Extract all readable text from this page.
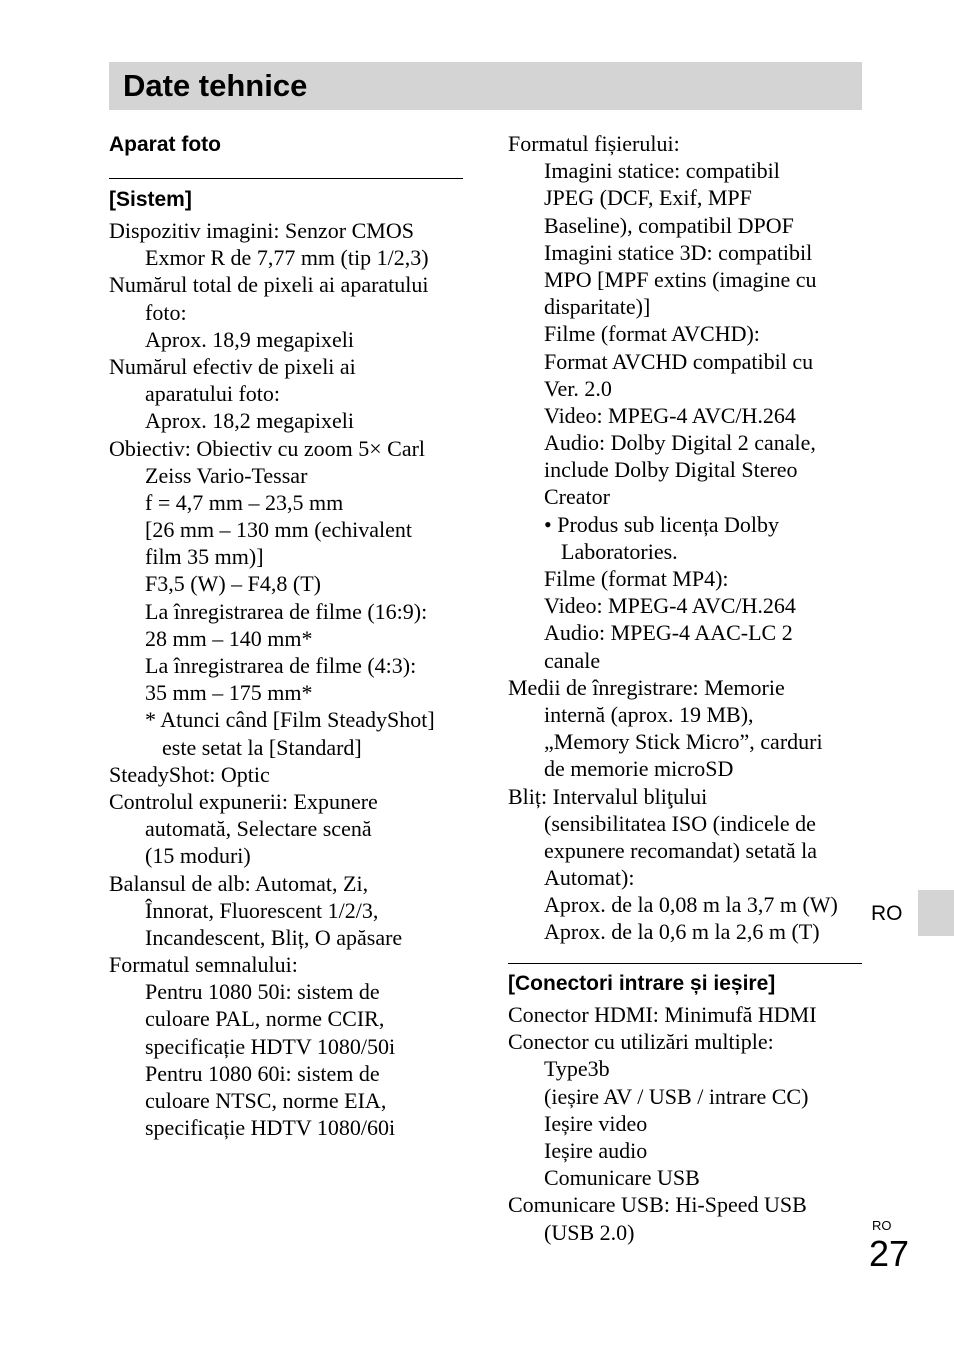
Date tehnice
Aparat foto
[Sistem]
Dispozitiv imagini: Senzor CMOS
Exmor R de 7,77 mm (tip 1/2,3)
Numărul total de pixeli ai aparatului
foto:
Aprox. 18,9 megapixeli
Numărul efectiv de pixeli ai
aparatului foto:
Aprox. 18,2 megapixeli
Obiectiv: Obiectiv cu zoom 5× Carl
Zeiss Vario-Tessar
f = 4,7 mm – 23,5 mm
[26 mm – 130 mm (echivalent
film 35 mm)]
F3,5 (W) – F4,8 (T)
La înregistrarea de filme (16:9):
28 mm – 140 mm*
La înregistrarea de filme (4:3):
35 mm – 175 mm*
* Atunci când [Film SteadyShot]
este setat la [Standard]
SteadyShot: Optic
Controlul expunerii: Expunere
automată, Selectare scenă
(15 moduri)
Balansul de alb: Automat, Zi,
Înnorat, Fluorescent 1/2/3,
Incandescent, Bliț, O apăsare
Formatul semnalului:
Pentru 1080 50i: sistem de
culoare PAL, norme CCIR,
specificație HDTV 1080/50i
Pentru 1080 60i: sistem de
culoare NTSC, norme EIA,
specificație HDTV 1080/60i
Formatul fișierului:
Imagini statice: compatibil
JPEG (DCF, Exif, MPF
Baseline), compatibil DPOF
Imagini statice 3D: compatibil
MPO [MPF extins (imagine cu
disparitate)]
Filme (format AVCHD):
Format AVCHD compatibil cu
Ver. 2.0
Video: MPEG-4 AVC/H.264
Audio: Dolby Digital 2 canale,
include Dolby Digital Stereo
Creator
• Produs sub licența Dolby
Laboratories.
Filme (format MP4):
Video: MPEG-4 AVC/H.264
Audio: MPEG-4 AAC-LC 2
canale
Medii de înregistrare: Memorie
internă (aprox. 19 MB),
„Memory Stick Micro”, carduri
de memorie microSD
Bliț: Intervalul bliţului
(sensibilitatea ISO (indicele de
expunere recomandat) setată la
Automat):
Aprox. de la 0,08 m la 3,7 m (W)
Aprox. de la 0,6 m la 2,6 m (T)
[Conectori intrare și ieșire]
Conector HDMI: Minimufă HDMI
Conector cu utilizări multiple:
Type3b
(ieșire AV / USB / intrare CC)
Ieșire video
Ieșire audio
Comunicare USB
Comunicare USB: Hi-Speed USB
(USB 2.0)
RO
RO
27
